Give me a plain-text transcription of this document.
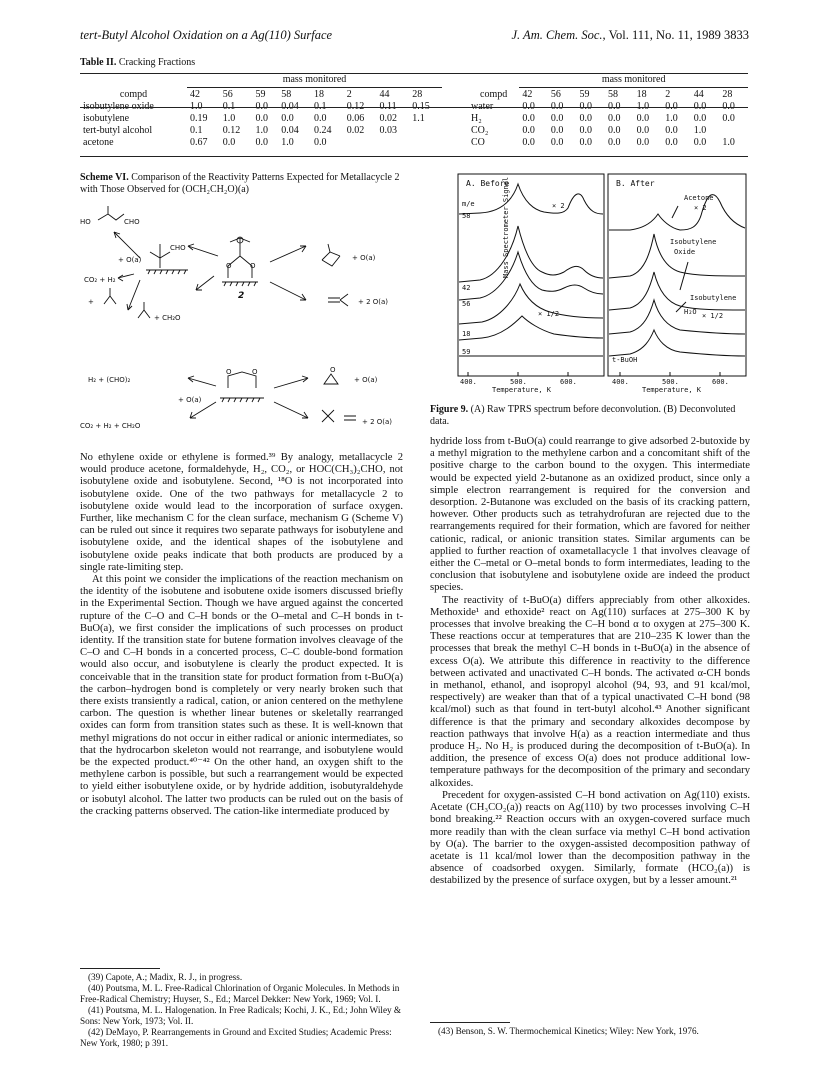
tert-Butyl Alcohol Oxidation on a Ag(110) Surface	J. Am. Chem. Soc., Vol. 111, No. 11, 1989 3833
Table II. Cracking Fractions
	mass monitored							

compd	42	56	59	58	18	2	44	28
isobutylene oxide	1.0	0.1	0.0	0.04	0.1	0.12	0.11	0.15
isobutylene	0.19	1.0	0.0	0.0	0.0	0.06	0.02	1.1
tert-butyl alcohol	0.1	0.12	1.0	0.04	0.24	0.02	0.03	
acetone	0.67	0.0	0.0	1.0	0.0			
	mass monitored							

compd	42	56	59	58	18	2	44	28
water	0.0	0.0	0.0	0.0	1.0	0.0	0.0	0.0
H₂	0.0	0.0	0.0	0.0	0.0	1.0	0.0	0.0
CO₂	0.0	0.0	0.0	0.0	0.0	0.0	1.0	
CO	0.0	0.0	0.0	0.0	0.0	0.0	0.0	1.0
Scheme VI. Comparison of the Reactivity Patterns Expected for Metallacycle 2 with Those Observed for (OCH₂CH₂O)(a)
O	O
O	O	O
HO	CHO
CHO
+ O(a)
CO₂ + H₂
+
+ CH₂O
2
+ O(a)
+ 2 O(a)
H₂ + (CHO)₂
+ O(a)
CO₂ + H₂ + CH₂O
+ O(a)
+ 2 O(a)
Mass Spectrometer Signal
A. Before	B. After
m/e	× 2
× 1/2
Acetone
× 2
Isobutylene
Oxide
Isobutylene
H₂O × 1/2
t-BuOH
58
42
56
18
59
400.	500.	600.	400.	500.	600.
Temperature, K	Temperature, K
Figure 9. (A) Raw TPRS spectrum before deconvolution. (B) Deconvoluted data.

No ethylene oxide or ethylene is formed.³⁹ By analogy, metallacycle 2 would produce acetone, formaldehyde, H₂, CO₂, or HOC(CH₃)₂CHO, not isobutylene oxide and isobutylene. Second, ¹⁸O is not incorporated into isobutylene oxide. One of the two pathways for metallacycle 2 to isobutylene oxide would lead to the incorporation of surface oxygen. Further, like mechanism C for the clean surface, mechanism G (Scheme V) can be ruled out since it requires two separate pathways for isobutylene and isobutylene oxide, and the identical shapes of the isobutylene and isobutylene oxide peaks indicate that both products are produced by a single rate-limiting step.

At this point we consider the implications of the reaction mechanism on the identity of the isobutene and isobutene oxide isomers discussed briefly in the Experimental Section. Though we have argued against the concerted rupture of the C–O and C–H bonds or the O–metal and C–H bonds in t-BuO(a), we first consider the implications of such processes on product identity. If the transition state for butene formation involves cleavage of the C–O and C–H bonds in a concerted process, C–C double-bond formation would also occur, and isobutylene is clearly the product expected. It is conceivable that in the transition state for product formation from t-BuO(a) the carbon–hydrogen bond is completely or very nearly broken such that there exists transiently a radical, cation, or anion centered on the methylene carbon. The question is whether linear butenes or skeletally rearranged oxides can form from transition states such as these. It is well-known that methyl migrations do not occur in either radical or anionic intermediates, so that the hydrocarbon skeleton would not rearrange, and isobutylene would be the expected product.⁴⁰⁻⁴² On the other hand, an oxygen shift to the methylene carbon is possible, but such a rearrangement would be expected to yield either isobutylene oxide, or by hydride addition, isobutyraldehyde or isobutyl alcohol. The latter two products can be ruled out on the basis of the cracking patterns observed. The cation-like intermediate produced by

hydride loss from t-BuO(a) could rearrange to give adsorbed 2-butoxide by a methyl migration to the methylene carbon and a concomitant shift of the positive charge to the carbon bound to the oxygen. This intermediate would be expected yield 2-butanone as an oxidized product, since only a simple electron rearrangement is required for the conversion and desorption. 2-Butanone was excluded on the basis of its cracking pattern, however. Other products such as tetrahydrofuran are rejected due to the rearrangements required for their formation, which are favored for neither cationic, radical, or anionic transition states. Similar arguments can be applied to further reaction of oxametallacycle 1 that involves cleavage of either the C–metal or O–metal bonds to form intermediates, leading to the conclusion that isobutylene and isobutylene oxide are indeed the product species.

The reactivity of t-BuO(a) differs appreciably from other alkoxides. Methoxide¹ and ethoxide² react on Ag(110) surfaces at 275–300 K by processes that involve breaking the C–H bond α to oxygen at 275–300 K. These reactions occur at temperatures that are 210–235 K lower than the processes that break the methyl C–H bonds in t-BuO(a) in the absence of excess O(a). We attribute this difference in reactivity to the difference between activated and unactivated C–H bonds. The activated α-CH bonds in methanol, ethanol, and isopropyl alcohol (94, 93, and 91 kcal/mol, respectively) are weaker than that of a typical unactivated C–H bond (98 kcal/mol) such as that found in tert-butyl alcohol.⁴³ Another significant difference is that the primary and secondary alkoxides decompose by reaction pathways that involve H(a) as a reaction intermediate and thus produce H₂. No H₂ is produced during the decomposition of t-BuO(a). In addition, the presence of excess O(a) does not produce additional low-temperature pathways for the decomposition of the primary and secondary alkoxides.

Precedent for oxygen-assisted C–H bond activation on Ag(110) exists. Acetate (CH₃CO₂(a)) reacts on Ag(110) by two processes involving C–H bond breaking.²² Reaction occurs with an oxygen-covered surface much more readily than with the clean surface via methyl C–H bond activation by O(a). The barrier to the oxygen-assisted decomposition pathway of acetate is 11 kcal/mol lower than the decomposition pathway in the absence of coadsorbed oxygen. Similarly, formate (HCO₂(a)) is destabilized by the presence of surface oxygen, but by a lesser amount.²¹

(39) Capote, A.; Madix, R. J., in progress.
(40) Poutsma, M. L. Free-Radical Chlorination of Organic Molecules. In Methods in Free-Radical Chemistry; Huyser, S., Ed.; Marcel Dekker: New York, 1969; Vol. I.
(41) Poutsma, M. L. Halogenation. In Free Radicals; Kochi, J. K., Ed.; John Wiley & Sons: New York, 1973; Vol. II.
(42) DeMayo, P. Rearrangements in Ground and Excited Studies; Academic Press: New York, 1980; p 391.
(43) Benson, S. W. Thermochemical Kinetics; Wiley: New York, 1976.
